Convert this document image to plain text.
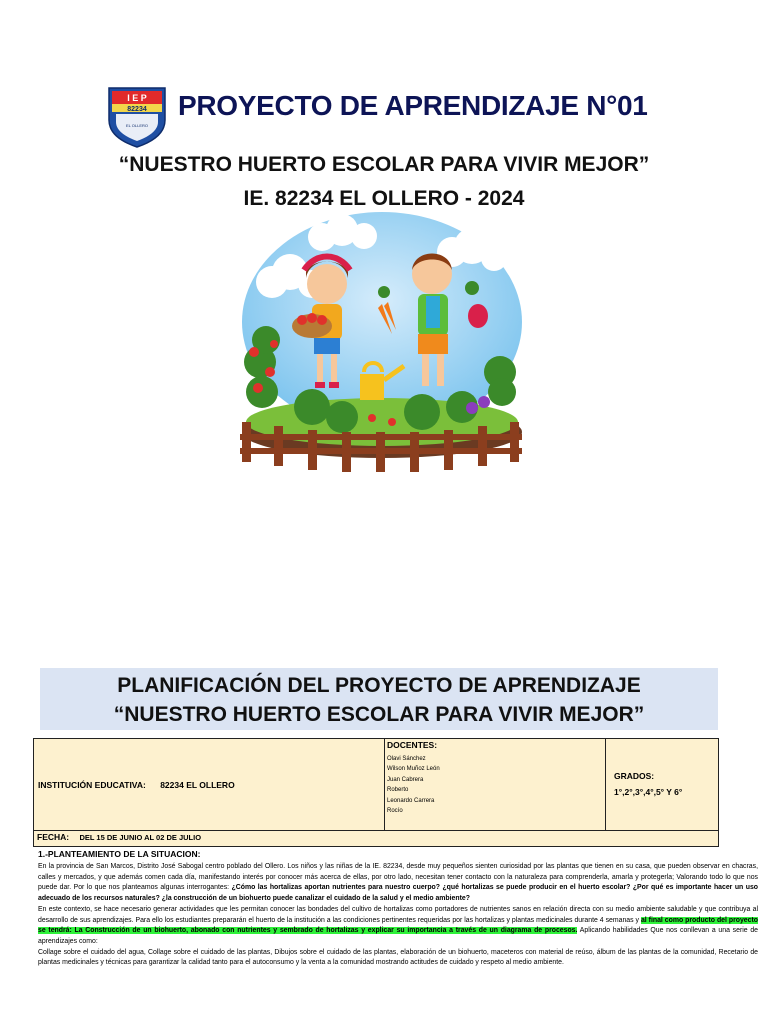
I E P
82234
EL OLLERO
PROYECTO DE APRENDIZAJE N°01
“NUESTRO HUERTO ESCOLAR PARA VIVIR MEJOR”
IE. 82234 EL OLLERO - 2024
PLANIFICACIÓN DEL PROYECTO DE APRENDIZAJE
“NUESTRO HUERTO ESCOLAR PARA VIVIR MEJOR”

INSTITUCIÓN EDUCATIVA: 82234 EL OLLERO
DOCENTES:
Olavi Sánchez
Wilson Muñoz León
Juan Cabrera
Roberto
Leonardo Carrera
Rocío
GRADOS:
1°,2°,3°,4°,5° Y 6°
FECHA: DEL 15 DE JUNIO AL 02 DE JULIO
1.-PLANTEAMIENTO DE LA SITUACION:

En la provincia de San Marcos, Distrito José Sabogal centro poblado del Ollero. Los niños y las niñas de la IE. 82234, desde muy pequeños sienten curiosidad por las plantas que tienen en su casa, que pueden observar en chacras, calles y mercados, y que además comen cada día, manifestando interés por conocer más acerca de ellas, por otro lado, necesitan tener contacto con la naturaleza para comprenderla, amarla y protegerla; Valorando todo lo que nos puede dar. Por lo que nos planteamos algunas interrogantes: ¿Cómo las hortalizas aportan nutrientes para nuestro cuerpo? ¿qué hortalizas se puede producir en el huerto escolar? ¿Por qué es importante hacer un uso adecuado de los recursos naturales? ¿la construcción de un biohuerto puede canalizar el cuidado de la salud y el medio ambiente?

En este contexto, se hace necesario generar actividades que les permitan conocer las bondades del cultivo de hortalizas como portadores de nutrientes sanos en relación directa con su medio ambiente saludable y que contribuya al desarrollo de sus aprendizajes. Para ello los estudiantes prepararán el huerto de la institución a las condiciones pertinentes requeridas por las hortalizas y plantas medicinales durante 4 semanas y al final como producto del proyecto se tendrá: La Construcción de un biohuerto, abonado con nutrientes y sembrado de hortalizas y explicar su importancia a través de un diagrama de procesos. Aplicando habilidades Que nos conllevan a una serie de aprendizajes como:

Collage sobre el cuidado del agua, Collage sobre el cuidado de las plantas, Dibujos sobre el cuidado de las plantas, elaboración de un biohuerto, maceteros con material de reúso, álbum de las plantas de la comunidad, Recetario de plantas medicinales y técnicas para garantizar la calidad tanto para el autoconsumo y la venta a la comunidad mostrando actitudes de cuidado y respeto al medio ambiente.
